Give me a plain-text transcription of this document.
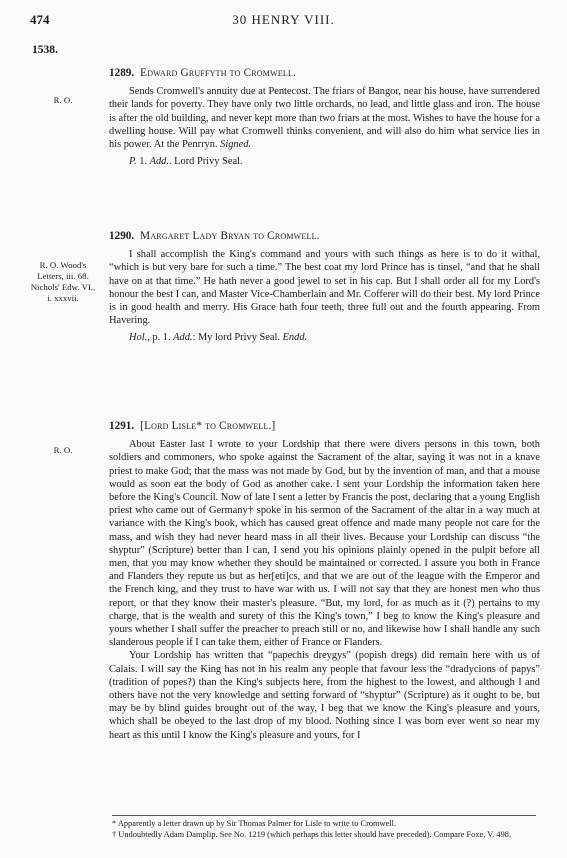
474	30 HENRY VIII.
1538.
R. O.
1289. Edward Gruffyth to Cromwell.
Sends Cromwell's annuity due at Pentecost. The friars of Bangor, near his house, have surrendered their lands for poverty. They have only two little orchards, no lead, and little glass and iron. The house is after the old building, and never kept more than two friars at the most. Wishes to have the house for a dwelling house. Will pay what Cromwell thinks convenient, and will also do him what service lies in his power. At the Penrryn. Signed.
P. 1. Add.. Lord Privy Seal.
R. O. Wood's Letters, iii. 68. Nichols' Edw. VI., i. xxxvii.
1290. Margaret Lady Bryan to Cromwell.
I shall accomplish the King's command and yours with such things as here is to do it withal, “which is but very bare for such a time.” The best coat my lord Prince has is tinsel, “and that he shall have on at that time.” He hath never a good jewel to set in his cap. But I shall order all for my Lord's honour the best I can, and Master Vice-Chamberlain and Mr. Cofferer will do their best. My lord Prince is in good health and merry. His Grace hath four teeth, three full out and the fourth appearing. From Havering.
Hol., p. 1. Add.: My lord Privy Seal. Endd.
R. O.
1291. [Lord Lisle* to Cromwell.]
About Easter last I wrote to your Lordship that there were divers persons in this town, both soldiers and commoners, who spoke against the Sacrament of the altar, saying it was not in a knave priest to make God; that the mass was not made by God, but by the invention of man, and that a mouse would as soon eat the body of God as another cake. I sent your Lordship the information taken here before the King's Council. Now of late I sent a letter by Francis the post, declaring that a young English priest who came out of Germany† spoke in his sermon of the Sacrament of the altar in a way much at variance with the King's book, which has caused great offence and made many people not care for the mass, and wish they had never heard mass in all their lives. Because your Lordship can discuss “the shyptur” (Scripture) better than I can, I send you his opinions plainly opened in the pulpit before all men, that you may know whether they should be maintained or corrected. I assure you both in France and Flanders they repute us but as her[eti]cs, and that we are out of the league with the Emperor and the French king, and they trust to have war with us. I will not say that they are honest men who thus report, or that they know their master's pleasure. “But, my lord, for as much as it (?) pertains to my charge, that is the wealth and surety of this the King's town,” I beg to know the King's pleasure and yours whether I shall suffer the preacher to preach still or no, and likewise how I shall handle any such slanderous people if I can take them, either of France or Flanders.
Your Lordship has written that “papechis dreygys” (popish dregs) did remain here with us of Calais. I will say the King has not in his realm any people that favour less the “dradycions of papys” (tradition of popes?) than the King's subjects here, from the highest to the lowest, and although I and others have not the very knowledge and setting forward of “shyptur” (Scripture) as it ought to be, but may be by blind guides brought out of the way, I beg that we know the King's pleasure and yours, which shall be obeyed to the last drop of my blood. Nothing since I was born ever went so near my heart as this until I know the King's pleasure and yours, for I
* Apparently a letter drawn up by Sir Thomas Palmer for Lisle to write to Cromwell.
† Undoubtedly Adam Damplip. See No. 1219 (which perhaps this letter should have preceded). Compare Foxe, V. 498.
